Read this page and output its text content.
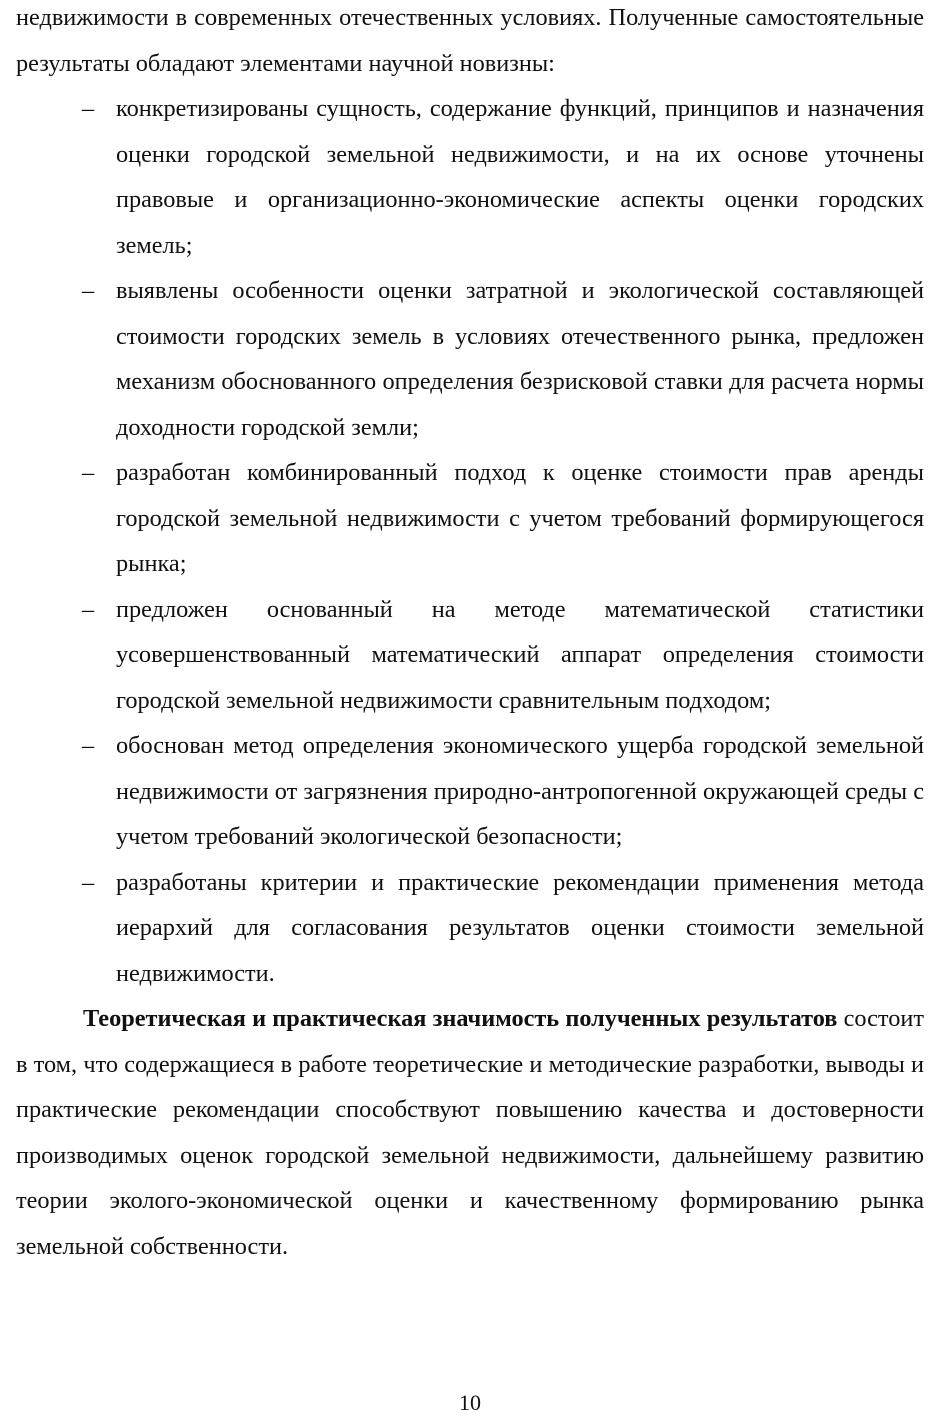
недвижимости в современных отечественных условиях. Полученные самостоятельные результаты обладают элементами научной новизны:

– конкретизированы сущность, содержание функций, принципов и назначения оценки городской земельной недвижимости, и на их основе уточнены правовые и организационно-экономические аспекты оценки городских земель;
– выявлены особенности оценки затратной и экологической составляющей стоимости городских земель в условиях отечественного рынка, предложен механизм обоснованного определения безрисковой ставки для расчета нормы доходности городской земли;
– разработан комбинированный подход к оценке стоимости прав аренды городской земельной недвижимости с учетом требований формирующегося рынка;
– предложен основанный на методе математической статистики усовершенствованный математический аппарат определения стоимости городской земельной недвижимости сравнительным подходом;
– обоснован метод определения экономического ущерба городской земельной недвижимости от загрязнения природно-антропогенной окружающей среды с учетом требований экологической безопасности;
– разработаны критерии и практические рекомендации применения метода иерархий для согласования результатов оценки стоимости земельной недвижимости.

Теоретическая и практическая значимость полученных результатов состоит в том, что содержащиеся в работе теоретические и методические разработки, выводы и практические рекомендации способствуют повышению качества и достоверности производимых оценок городской земельной недвижимости, дальнейшему развитию теории эколого-экономической оценки и качественному формированию рынка земельной собственности.

10
